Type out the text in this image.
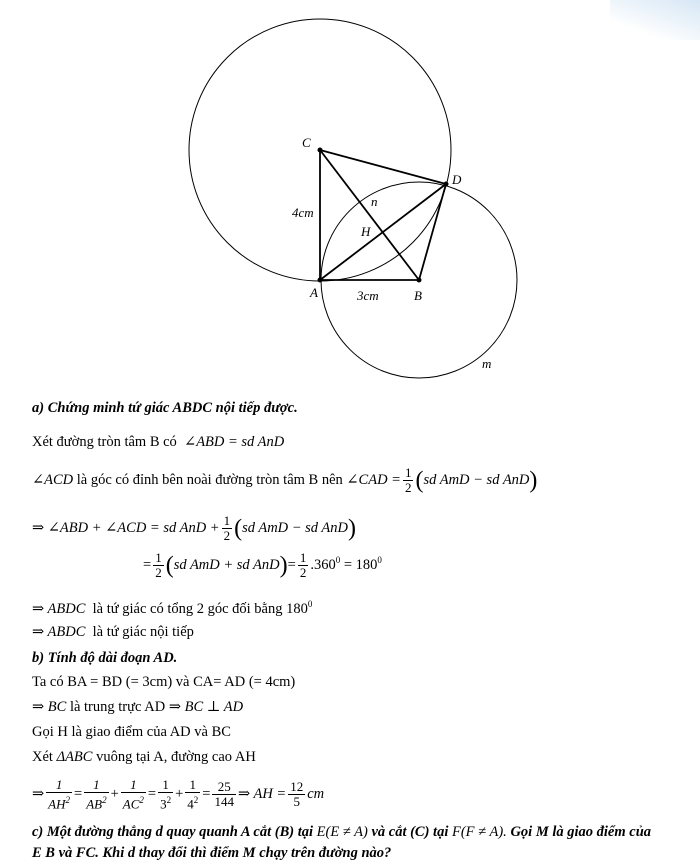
C
D
A	B
H
n
m
4cm
3cm
a) Chứng minh tứ giác ABDC nội tiếp được.
Xét đường tròn tâm B có ∠ABD = sd AnD
∠ACD là góc có đỉnh bên noài đường tròn tâm B nên ∠CAD = $\frac{1}{2} (sd$ AmD − sd AnD)
⇒ ∠ABD + ∠ACD = sd AnD + $\frac{1}{2} (sd$ AmD − sd AnD)
= $\frac{1}{2} (sd$ AmD + sd $AnD)= \frac{1}{2} .360^0 = 180^0$
⇒ ABDC là tứ giác có tổng 2 góc đối bằng $180^0$
⇒ ABDC là tứ giác nội tiếp
b) Tính độ dài đoạn AD.
Ta có BA = BD (= 3cm) và CA= AD (= 4cm)
⇒ BC là trung trực AD ⇒ BC ⊥ AD
Gọi H là giao điểm của AD và BC
Xét ΔABC vuông tại A, đường cao AH
⇒ $\frac{1}{AH^2} = \frac{1}{AB^2} + \frac{1}{AC^2} = \frac{1}{3^2} + \frac{1}{4^2} = \frac{25}{144}$ ⇒ AH = $\frac{12}{5}$ cm
c) Một đường thẳng d quay quanh A cắt (B) tại E(E ≠ A) và cắt (C) tại F(F ≠ A). Gọi M là giao điểm của
E B và FC. Khi d thay đổi thì điểm M chạy trên đường nào?
